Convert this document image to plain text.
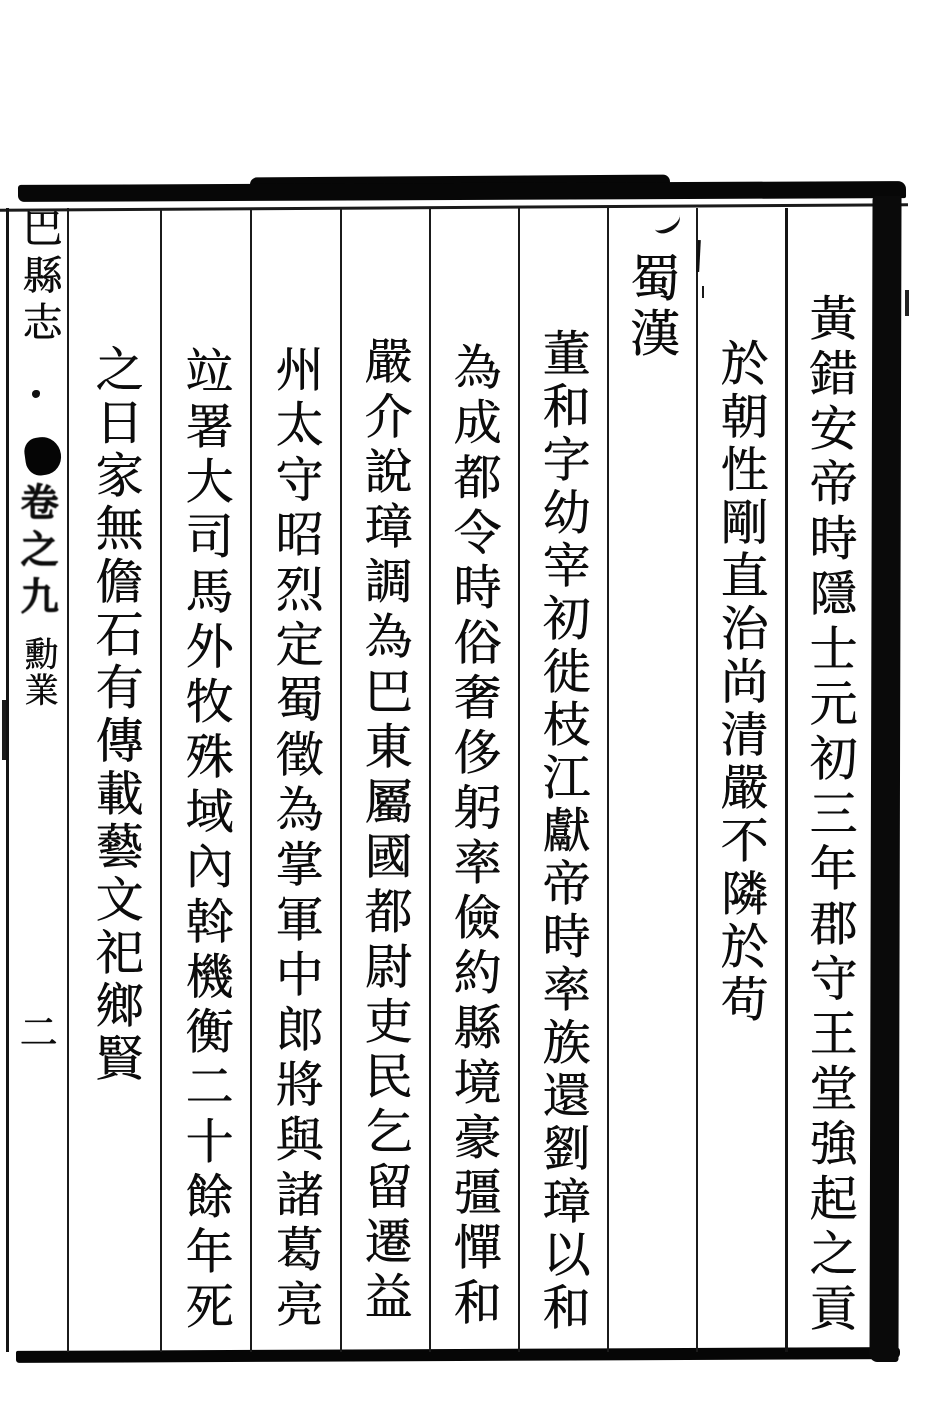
巴縣志
卷之九
勳業
二	黃錯安帝時隱士元初三年郡守王堂強起之貢
於朝性剛直治尚清嚴不隣於苟
蜀漢
董和字幼宰初徙枝江獻帝時率族還劉璋以和
為成都令時俗奢侈躬率儉約縣境豪彊憚和
嚴介說璋調為巴東屬國都尉吏民乞留遷益
州太守昭烈定蜀徵為掌軍中郎將與諸葛亮
竝署大司馬外牧殊域內斡機衡二十餘年死
之日家無儋石有傳載藝文祀鄉賢
